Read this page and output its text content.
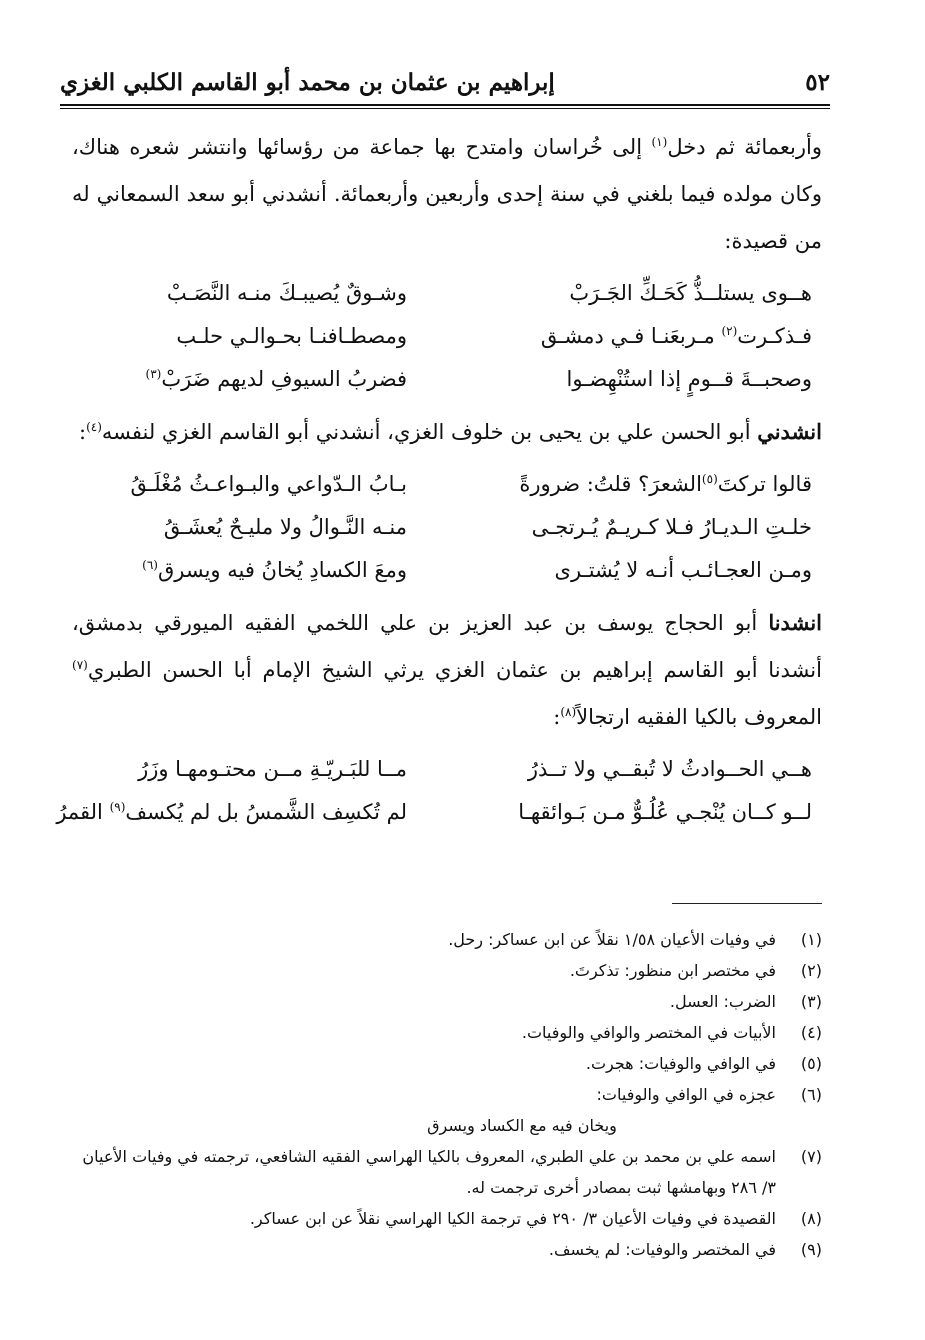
٥٢
إبراهيم بن عثمان بن محمد أبو القاسم الكلبي الغزي

وأربعمائة ثم دخل$^{(١)}$ إلى خُراسان وامتدح بها جماعة من رؤسائها وانتشر شعره هناك، وكان مولده فيما بلغني في سنة إحدى وأربعين وأربعمائة. أنشدني أبو سعد السمعاني له من قصيدة:

هــوى يستلــذُّ كَحَـكِّ الجَـرَبْ
وشـوقٌ يُصيبـكَ منـه النَّصَـبْ
فـذكـرت$^{(٢)}$ مـربعَنـا فـي دمشـق
ومصطـافنـا بحـوالـي حلـب
وصحبــةَ قــومٍ إذا استُنْهِضـوا
فضربُ السيوفِ لديهم ضَرَبْ$^{(٣)}$

انشدني أبو الحسن علي بن يحيى بن خلوف الغزي، أنشدني أبو القاسم الغزي لنفسه$^{(٤)}$:

قالوا تركتَ$^{(٥)}$الشعرَ؟ قلتُ: ضرورةً
بـابُ الـدّواعي والبـواعـثُ مُغْلَـقُ
خلـتِ الـديـارُ فـلا كـريـمٌ يُـرتجـى
منـه النَّـوالُ ولا مليـحٌ يُعشَـقُ
ومـن العجـائـب أنـه لا يُشتـرى
ومعَ الكسادِ يُخانُ فيه ويسرق$^{(٦)}$

انشدنا أبو الحجاج يوسف بن عبد العزيز بن علي اللخمي الفقيه الميورقي بدمشق، أنشدنا أبو القاسم إبراهيم بن عثمان الغزي يرثي الشيخ الإمام أبا الحسن الطبري$^{(٧)}$ المعروف بالكيا الفقيه ارتجالاً$^{(٨)}$:

هــي الحــوادثُ لا تُبقــي ولا تــذرُ
مــا للبَـريّـةِ مــن محتـومهـا وزَرُ
لــو كــان يُنْجـي عُلُـوٌّ مـن بَـوائقهـا
لم تُكسِف الشَّمسُ بل لم يُكسف$^{(٩)}$ القمرُ
(١)
في وفيات الأعيان ١/٥٨ نقلاً عن ابن عساكر: رحل.
(٢)
في مختصر ابن منظور: تذكرتَ.
(٣)
الضرب: العسل.
(٤)
الأبيات في المختصر والوافي والوفيات.
(٥)
في الوافي والوفيات: هجرت.
(٦)
عجزه في الوافي والوفيات:
ويخان فيه مع الكساد ويسرق
(٧)
اسمه علي بن محمد بن علي الطبري، المعروف بالكيا الهراسي الفقيه الشافعي، ترجمته في وفيات الأعيان ٣/ ٢٨٦ وبهامشها ثبت بمصادر أخرى ترجمت له.
(٨)
القصيدة في وفيات الأعيان ٣/ ٢٩٠ في ترجمة الكيا الهراسي نقلاً عن ابن عساكر.
(٩)
في المختصر والوفيات: لم يخسف.
